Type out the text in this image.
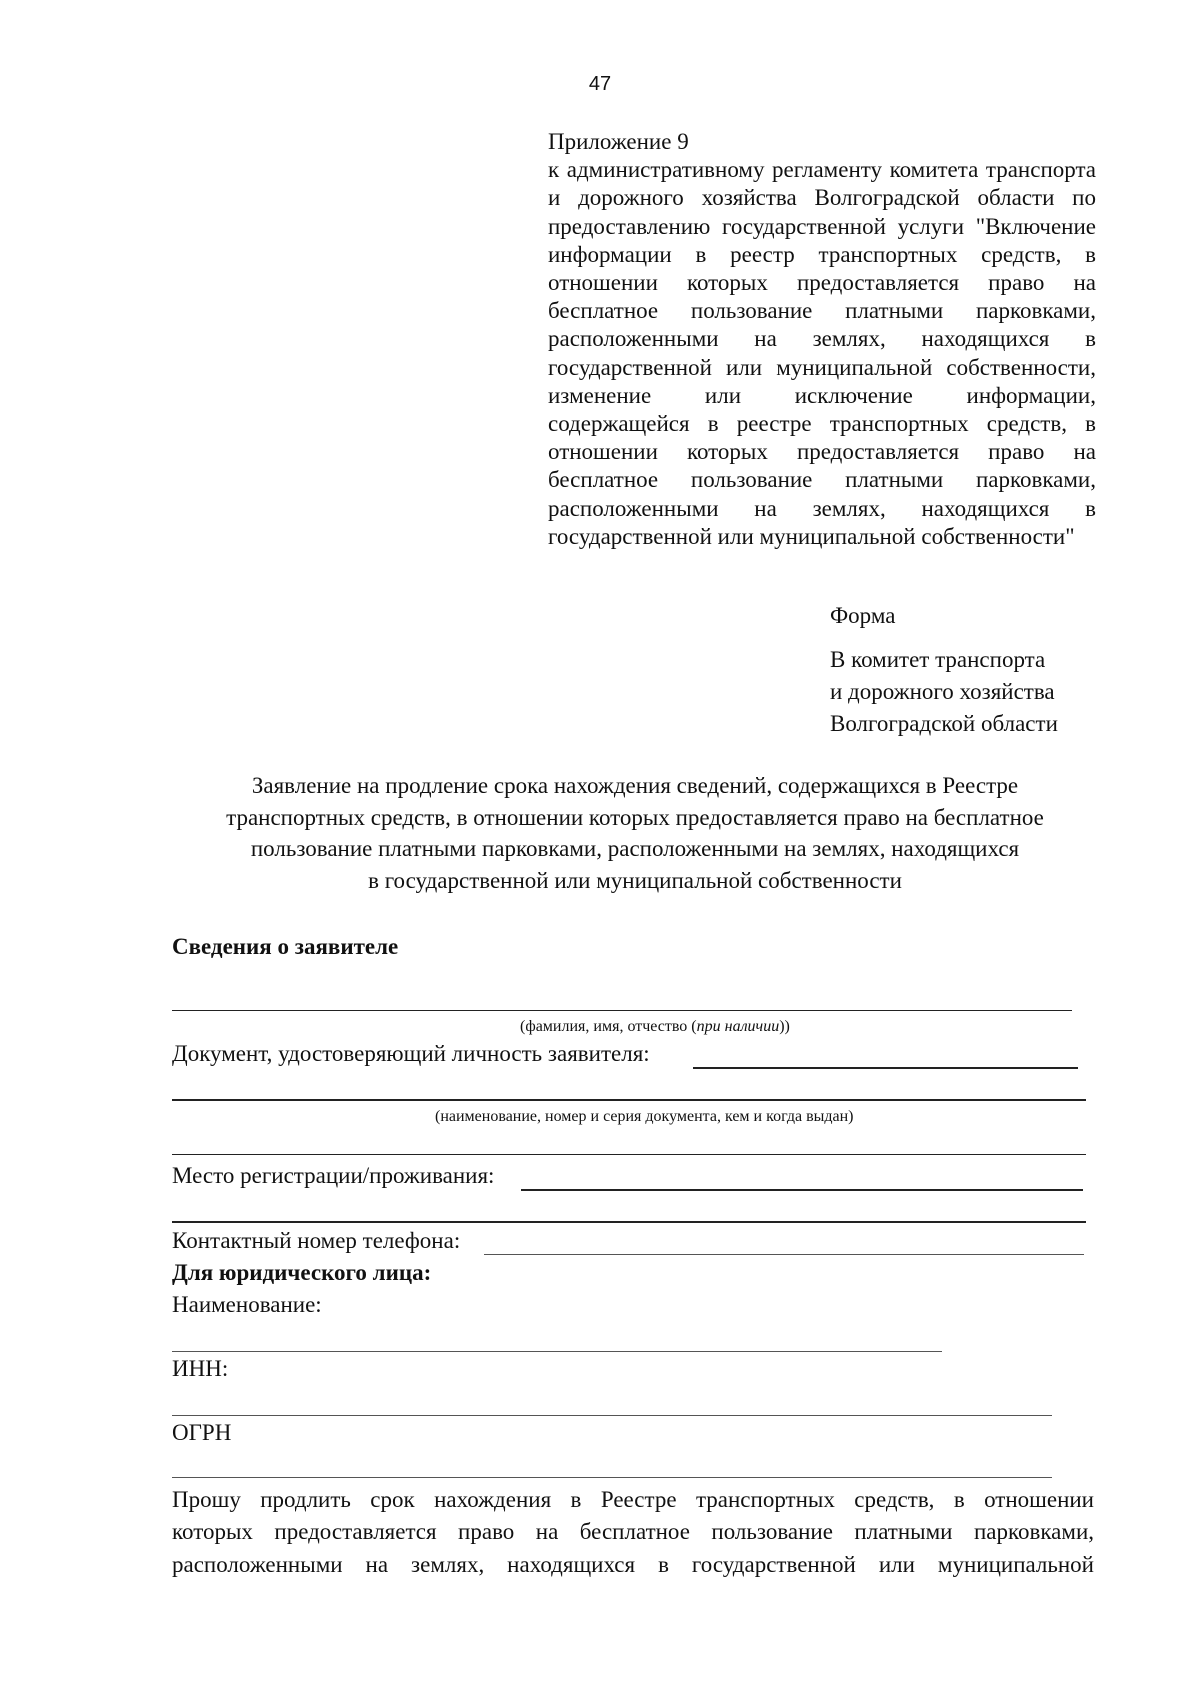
47
Приложение 9
к административному регламенту комитета транспорта и дорожного хозяйства Волгоградской области по предоставлению государственной услуги "Включение информации в реестр транспортных средств, в отношении которых предоставляется право на бесплатное пользование платными парковками, расположенными на землях, находящихся в государственной или муниципальной собственности, изменение или исключение информации, содержащейся в реестре транспортных средств, в отношении которых предоставляется право на бесплатное пользование платными парковками, расположенными на землях, находящихся в государственной или муниципальной собственности"
Форма
В комитет транспорта
и дорожного хозяйства
Волгоградской области
Заявление на продление срока нахождения сведений, содержащихся в Реестре
транспортных средств, в отношении которых предоставляется право на бесплатное
пользование платными парковками, расположенными на землях, находящихся
в государственной или муниципальной собственности
Сведения о заявителе
(фамилия, имя, отчество (при наличии))
Документ, удостоверяющий личность заявителя:
(наименование, номер и серия документа, кем и когда выдан)
Место регистрации/проживания:
Контактный номер телефона:
Для юридического лица:
Наименование:
ИНН:
ОГРН
Прошу продлить срок нахождения в Реестре транспортных средств, в отношении
которых предоставляется право на бесплатное пользование платными парковками,
расположенными на землях, находящихся в государственной или муниципальной
